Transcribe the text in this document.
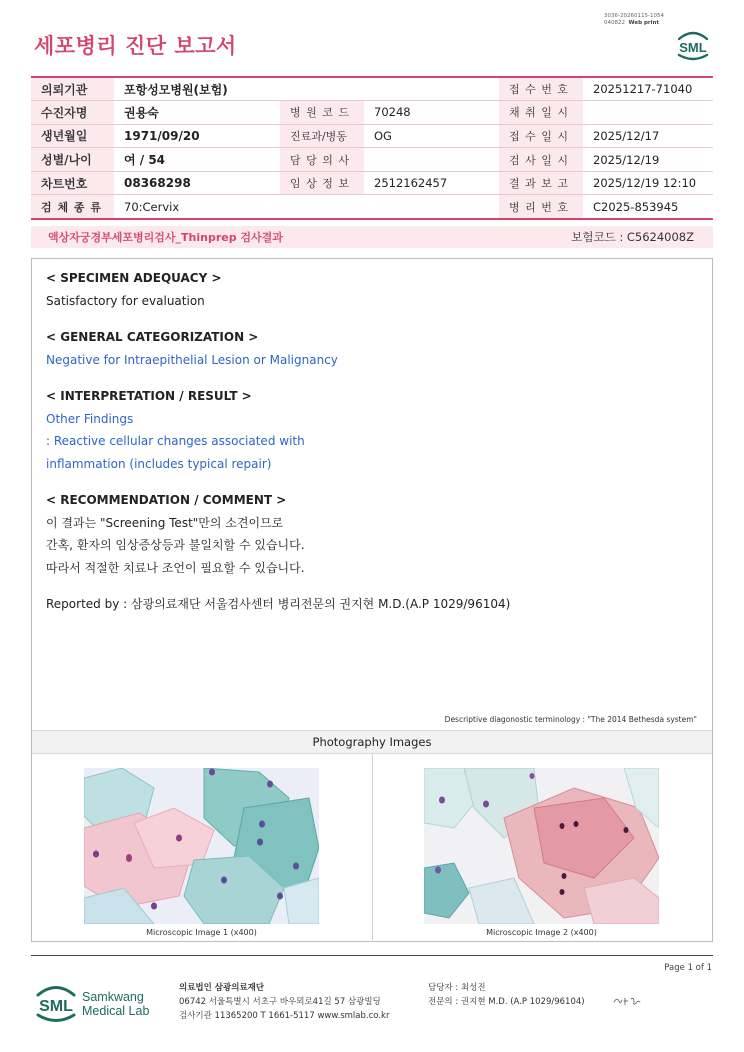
3036-20260115-1054
040822 Web print
세포병리 진단 보고서	SML
의뢰기관	포항성모병원(보험)			접 수 번 호	20251217-71040
수진자명	권용숙	병 원 코 드	70248	채 취 일 시	
생년월일	1971/09/20	진료과/병동	OG	접 수 일 시	2025/12/17
성별/나이	여 / 54	담 당 의 사		검 사 일 시	2025/12/19
차트번호	08368298	임 상 정 보	2512162457	결 과 보 고	2025/12/19 12:10
검 체 종 류	70:Cervix			병 리 번 호	C2025-853945
액상자궁경부세포병리검사_Thinprep 검사결과	보험코드 : C5624008Z
< SPECIMEN ADEQUACY >
Satisfactory for evaluation
< GENERAL CATEGORIZATION >
Negative for Intraepithelial Lesion or Malignancy
< INTERPRETATION / RESULT >
Other Findings
: Reactive cellular changes associated with
inflammation (includes typical repair)
< RECOMMENDATION / COMMENT >
이 결과는 "Screening Test"만의 소견이므로
간혹, 환자의 임상증상등과 불일치할 수 있습니다.
따라서 적절한 치료나 조언이 필요할 수 있습니다.
Reported by : 삼광의료재단 서울검사센터 병리전문의 권지현 M.D.(A.P 1029/96104)
Descriptive diagonostic terminology : "The 2014 Bethesda system"
Photography Images
Microscopic Image 1 (x400)	Microscopic Image 2 (x400)
Page 1 of 1
SML
Samkwang
Medical Lab
의료법인 삼광의료재단
06742 서울특별시 서초구 바우뫼로41길 57 삼광빌딩
검사기관 11365200 T 1661-5117 www.smlab.co.kr
담당자 : 최성진
전문의 : 권지현 M.D. (A.P 1029/96104)
